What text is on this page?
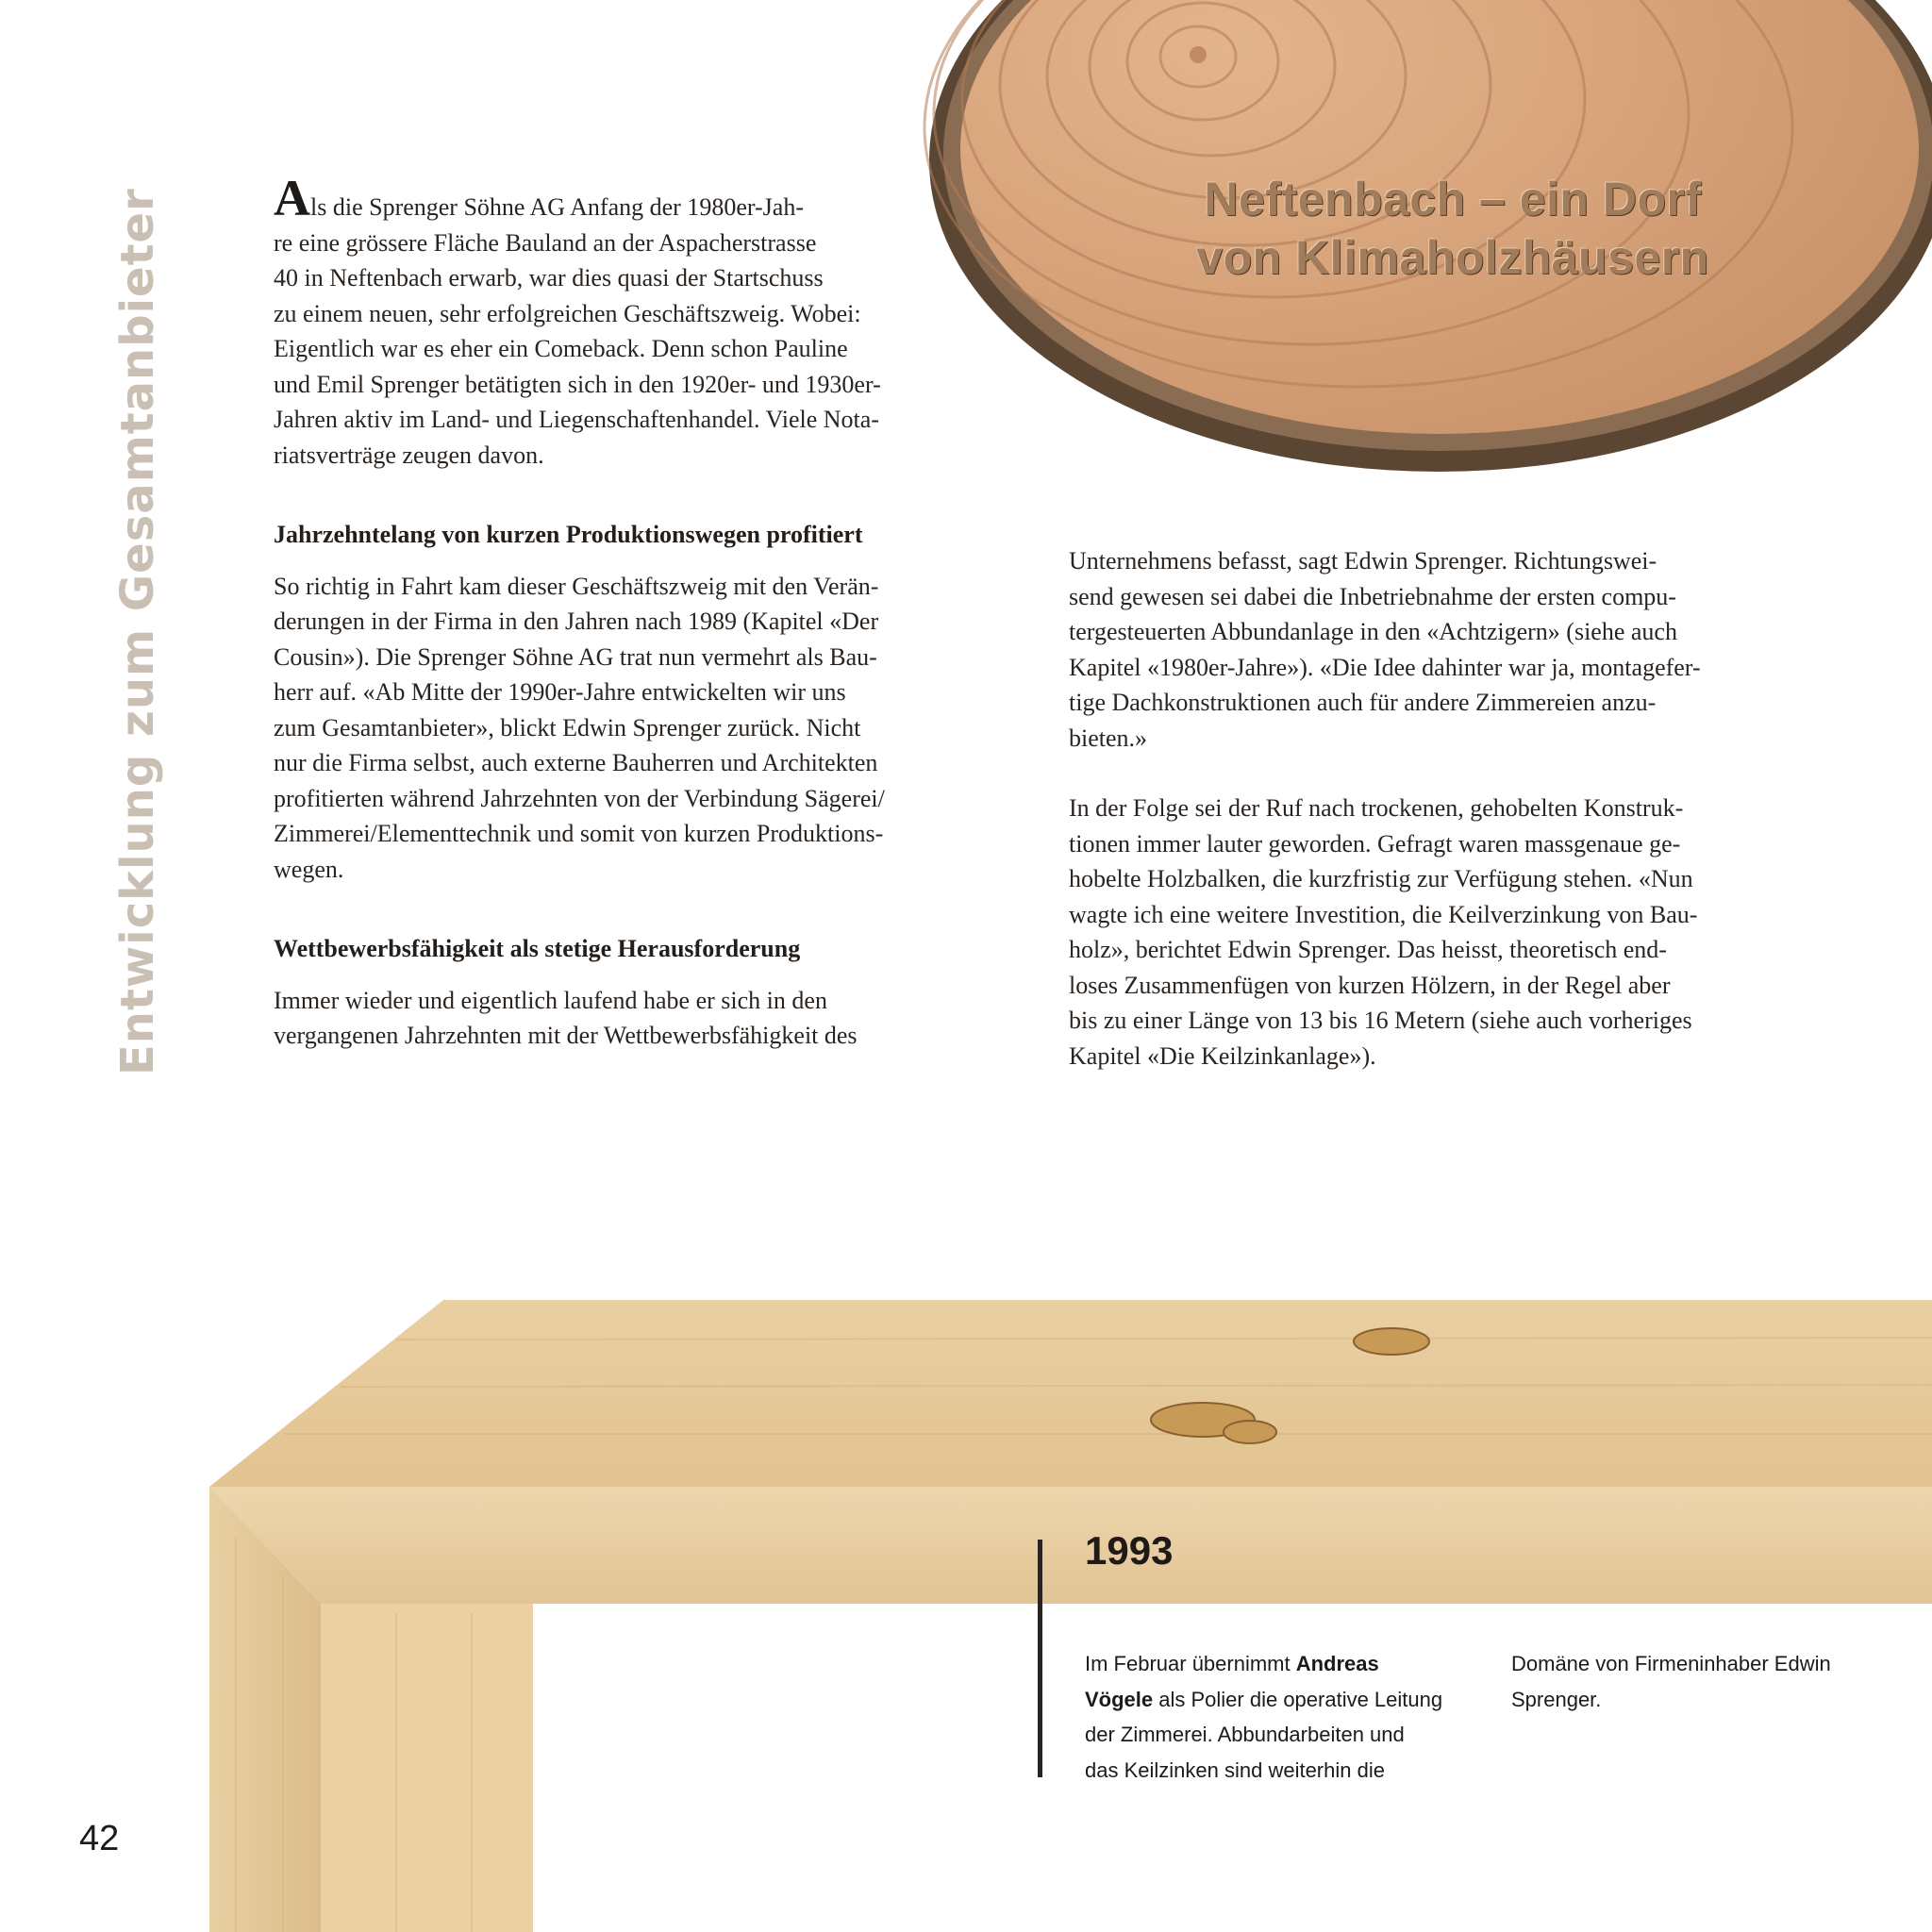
Entwicklung zum Gesamtanbieter	Neftenbach – ein Dorf
von Klimaholzhäusern

Als die Sprenger Söhne AG Anfang der 1980er-Jah-
re eine grössere Fläche Bauland an der Aspacherstrasse
40 in Neftenbach erwarb, war dies quasi der Startschuss
zu einem neuen, sehr erfolgreichen Geschäftszweig. Wobei:
Eigentlich war es eher ein Comeback. Denn schon Pauline
und Emil Sprenger betätigten sich in den 1920er- und 1930er-
Jahren aktiv im Land- und Liegenschaftenhandel. Viele Nota-
riatsverträge zeugen davon.

Jahrzehntelang von kurzen Produktionswegen profitiert

So richtig in Fahrt kam dieser Geschäftszweig mit den Verän-
derungen in der Firma in den Jahren nach 1989 (Kapitel «Der
Cousin»). Die Sprenger Söhne AG trat nun vermehrt als Bau-
herr auf. «Ab Mitte der 1990er-Jahre entwickelten wir uns
zum Gesamtanbieter», blickt Edwin Sprenger zurück. Nicht
nur die Firma selbst, auch externe Bauherren und Architekten
profitierten während Jahrzehnten von der Verbindung Sägerei/
Zimmerei/Elementtechnik und somit von kurzen Produktions-
wegen.

Wettbewerbsfähigkeit als stetige Herausforderung

Immer wieder und eigentlich laufend habe er sich in den
vergangenen Jahrzehnten mit der Wettbewerbsfähigkeit des

Unternehmens befasst, sagt Edwin Sprenger. Richtungswei-
send gewesen sei dabei die Inbetriebnahme der ersten compu-
tergesteuerten Abbundanlage in den «Achtzigern» (siehe auch
Kapitel «1980er-Jahre»). «Die Idee dahinter war ja, montagefer-
tige Dachkonstruktionen auch für andere Zimmereien anzu-
bieten.»

In der Folge sei der Ruf nach trockenen, gehobelten Konstruk-
tionen immer lauter geworden. Gefragt waren massgenaue ge-
hobelte Holzbalken, die kurzfristig zur Verfügung stehen. «Nun
wagte ich eine weitere Investition, die Keilverzinkung von Bau-
holz», berichtet Edwin Sprenger. Das heisst, theoretisch end-
loses Zusammenfügen von kurzen Hölzern, in der Regel aber
bis zu einer Länge von 13 bis 16 Metern (siehe auch vorheriges
Kapitel «Die Keilzinkanlage»).

1993
Im Februar übernimmt Andreas
Vögele als Polier die operative Leitung
der Zimmerei. Abbundarbeiten und
das Keilzinken sind weiterhin die
Domäne von Firmeninhaber Edwin
Sprenger.
42
